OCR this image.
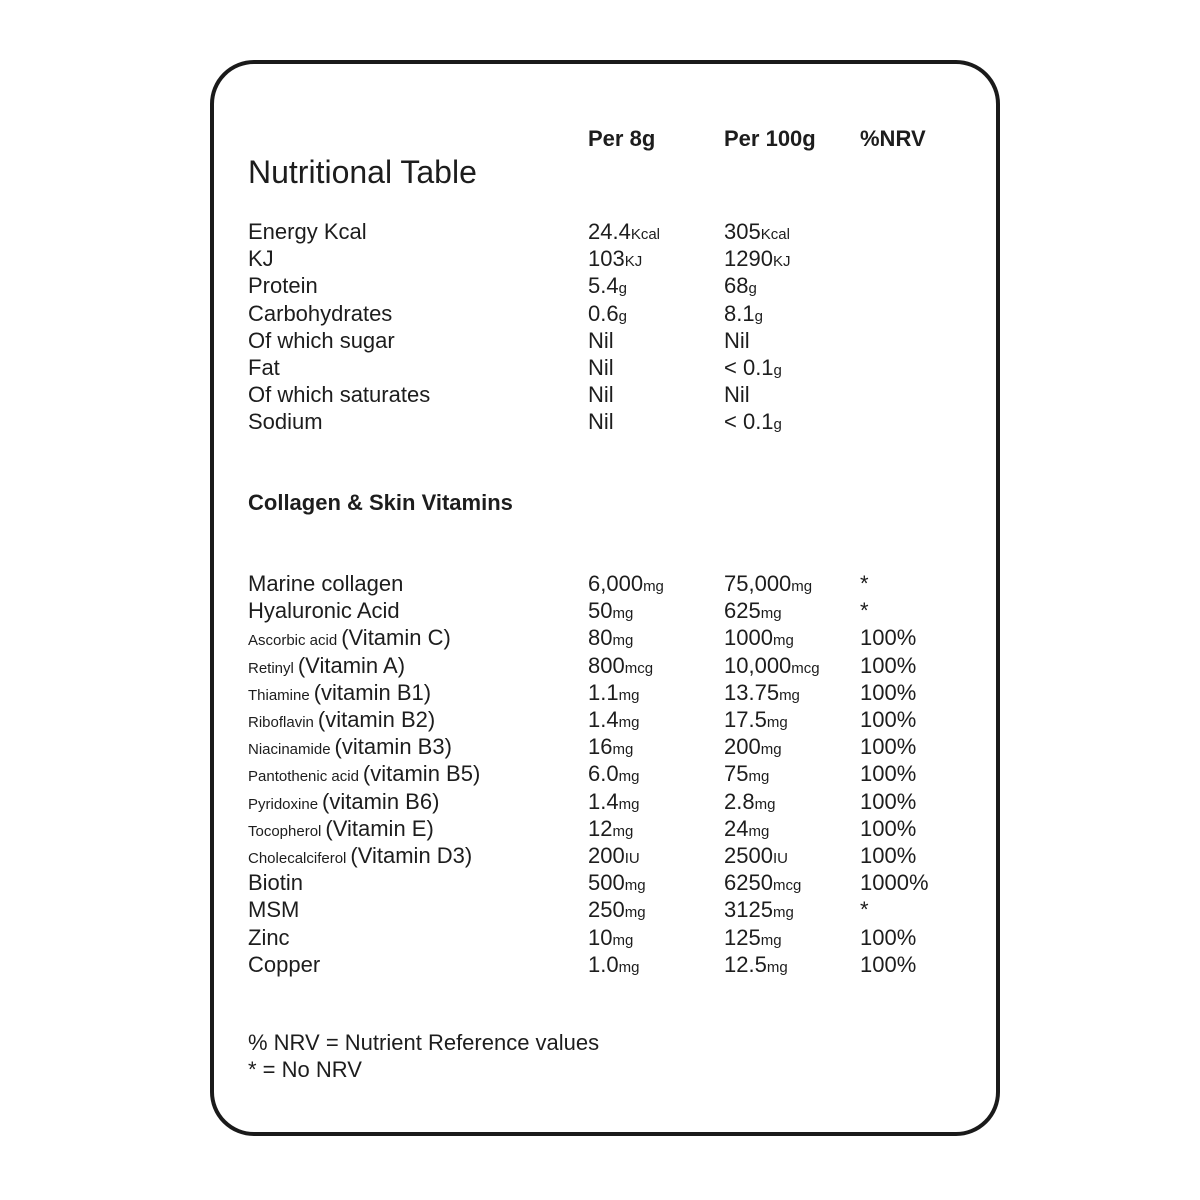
Per 8g	Per 100g %NRV
Nutritional Table
Energy Kcal	24.4Kcal	305Kcal
KJ	103KJ	1290KJ
Protein	5.4g	68g
Carbohydrates	0.6g	8.1g
Of which sugar	Nil	Nil
Fat	Nil	< 0.1g
Of which saturates	Nil	Nil
Sodium	Nil	< 0.1g
Collagen & Skin Vitamins
Marine collagen	6,000mg	75,000mg *
Hyaluronic Acid	50mg	625mg	*
Ascorbic acid (Vitamin C)	80mg	1000mg	100%
Retinyl (Vitamin A)	800mcg	10,000mcg 100%
Thiamine (vitamin B1)	1.1mg	13.75mg	100%
Riboflavin (vitamin B2)	1.4mg	17.5mg	100%
Niacinamide (vitamin B3)	16mg	200mg	100%
Pantothenic acid (vitamin B5)	6.0mg	75mg	100%
Pyridoxine (vitamin B6)	1.4mg	2.8mg	100%
Tocopherol (Vitamin E)	12mg	24mg	100%
Cholecalciferol (Vitamin D3)	200IU	2500IU	100%
Biotin	500mg	6250mcg	1000%
MSM	250mg	3125mg	*
Zinc	10mg	125mg	100%
Copper	1.0mg	12.5mg	100%
% NRV = Nutrient Reference values
* = No NRV
